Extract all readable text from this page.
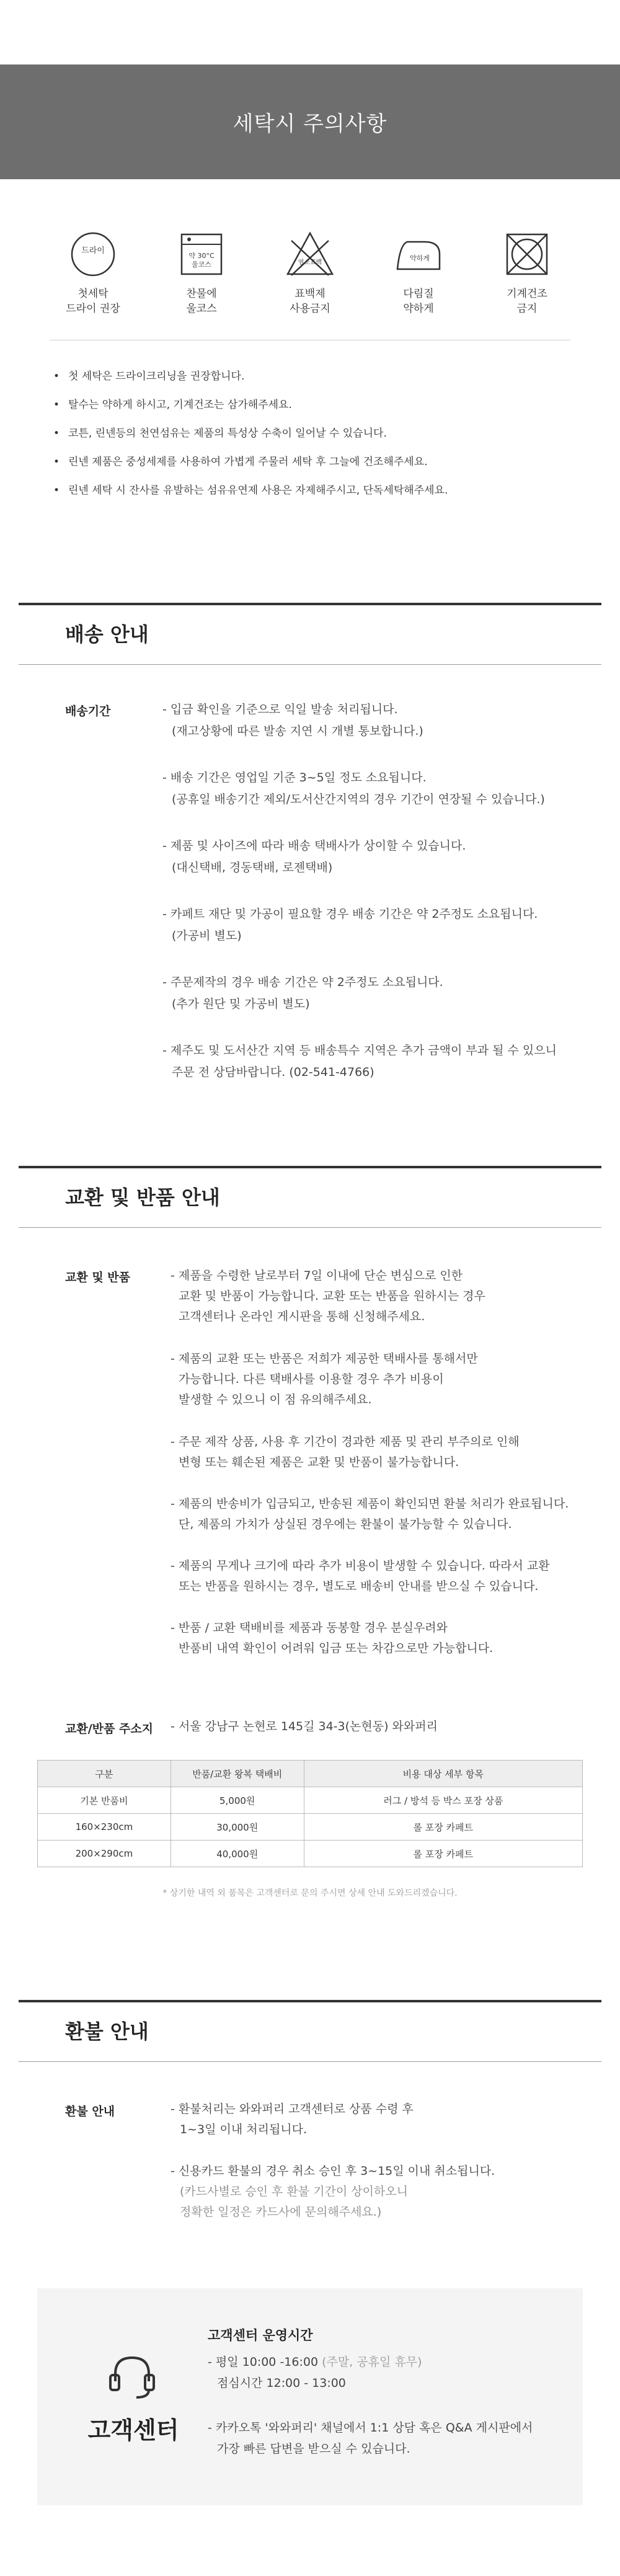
세탁시 주의사항
드라이
첫세탁
드라이 권장
약 30°C
울코스
찬물에
울코스
염소표백
표백제
사용금지
약하게
다림질
약하게
기계건조
금지
• 첫 세탁은 드라이크리닝을 권장합니다.
• 탈수는 약하게 하시고, 기계건조는 삼가해주세요.
• 코튼, 린넨등의 천연섬유는 제품의 특성상 수축이 일어날 수 있습니다.
• 린넨 제품은 중성세제를 사용하여 가볍게 주물러 세탁 후 그늘에 건조해주세요.
• 린넨 세탁 시 잔사를 유발하는 섬유유연제 사용은 자제해주시고, 단독세탁해주세요.
배송 안내
배송기간	- 입금 확인을 기준으로 익일 발송 처리됩니다.
(재고상황에 따른 발송 지연 시 개별 통보합니다.)
- 배송 기간은 영업일 기준 3~5일 정도 소요됩니다.
(공휴일 배송기간 제외/도서산간지역의 경우 기간이 연장될 수 있습니다.)
- 제품 및 사이즈에 따라 배송 택배사가 상이할 수 있습니다.
(대신택배, 경동택배, 로젠택배)
- 카페트 재단 및 가공이 필요할 경우 배송 기간은 약 2주정도 소요됩니다.
(가공비 별도)
- 주문제작의 경우 배송 기간은 약 2주정도 소요됩니다.
(추가 원단 및 가공비 별도)
- 제주도 및 도서산간 지역 등 배송특수 지역은 추가 금액이 부과 될 수 있으니
주문 전 상담바랍니다. (02-541-4766)
교환 및 반품 안내
교환 및 반품	- 제품을 수령한 날로부터 7일 이내에 단순 변심으로 인한
교환 및 반품이 가능합니다. 교환 또는 반품을 원하시는 경우
고객센터나 온라인 게시판을 통해 신청해주세요.
- 제품의 교환 또는 반품은 저희가 제공한 택배사를 통해서만
가능합니다. 다른 택배사를 이용할 경우 추가 비용이
발생할 수 있으니 이 점 유의해주세요.
- 주문 제작 상품, 사용 후 기간이 경과한 제품 및 관리 부주의로 인해
변형 또는 훼손된 제품은 교환 및 반품이 불가능합니다.
- 제품의 반송비가 입금되고, 반송된 제품이 확인되면 환불 처리가 완료됩니다.
단, 제품의 가치가 상실된 경우에는 환불이 불가능할 수 있습니다.
- 제품의 무게나 크기에 따라 추가 비용이 발생할 수 있습니다. 따라서 교환
또는 반품을 원하시는 경우, 별도로 배송비 안내를 받으실 수 있습니다.
- 반품 / 교환 택배비를 제품과 동봉할 경우 분실우려와
반품비 내역 확인이 어려워 입금 또는 차감으로만 가능합니다.
교환/반품 주소지 - 서울 강남구 논현로 145길 34-3(논현동) 와와퍼리
구분	반품/교환 왕복 택배비	비용 대상 세부 항목
기본 반품비	5,000원	러그 / 방석 등 박스 포장 상품
160×230cm	30,000원	롤 포장 카페트
200×290cm	40,000원	롤 포장 카페트
* 상기한 내역 외 품목은 고객센터로 문의 주시면 상세 안내 도와드리겠습니다.
환불 안내
환불 안내	- 환불처리는 와와퍼리 고객센터로 상품 수령 후
1~3일 이내 처리됩니다.
- 신용카드 환불의 경우 취소 승인 후 3~15일 이내 취소됩니다.
(카드사별로 승인 후 환불 기간이 상이하오니
정확한 일정은 카드사에 문의해주세요.)
고객센터
고객센터 운영시간
- 평일 10:00 -16:00 (주말, 공휴일 휴무)
점심시간 12:00 - 13:00
- 카카오톡 '와와퍼리' 채널에서 1:1 상담 혹은 Q&A 게시판에서
가장 빠른 답변을 받으실 수 있습니다.
